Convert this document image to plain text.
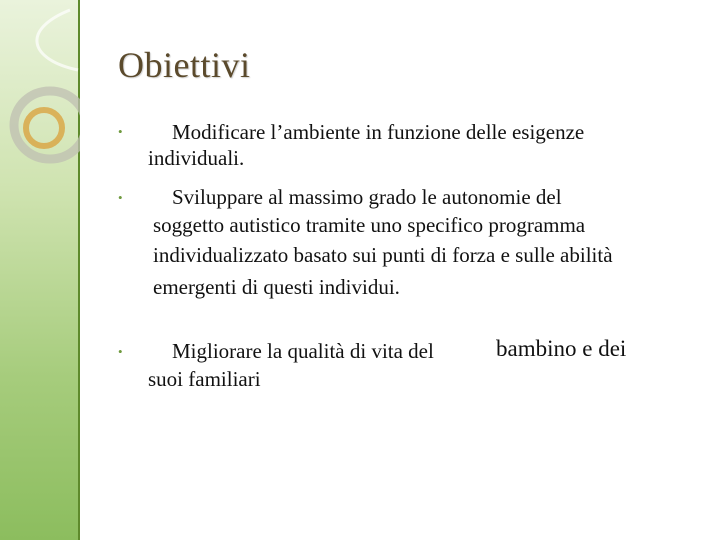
Obiettivi
• Modificare l’ambiente in funzione delle esigenze
individuali.
• Sviluppare al massimo grado le autonomie del
soggetto autistico tramite uno specifico programma
individualizzato basato sui punti di forza e sulle abilità
emergenti di questi individui.
• Migliorare la qualità di vita del	bambino e dei
suoi familiari
